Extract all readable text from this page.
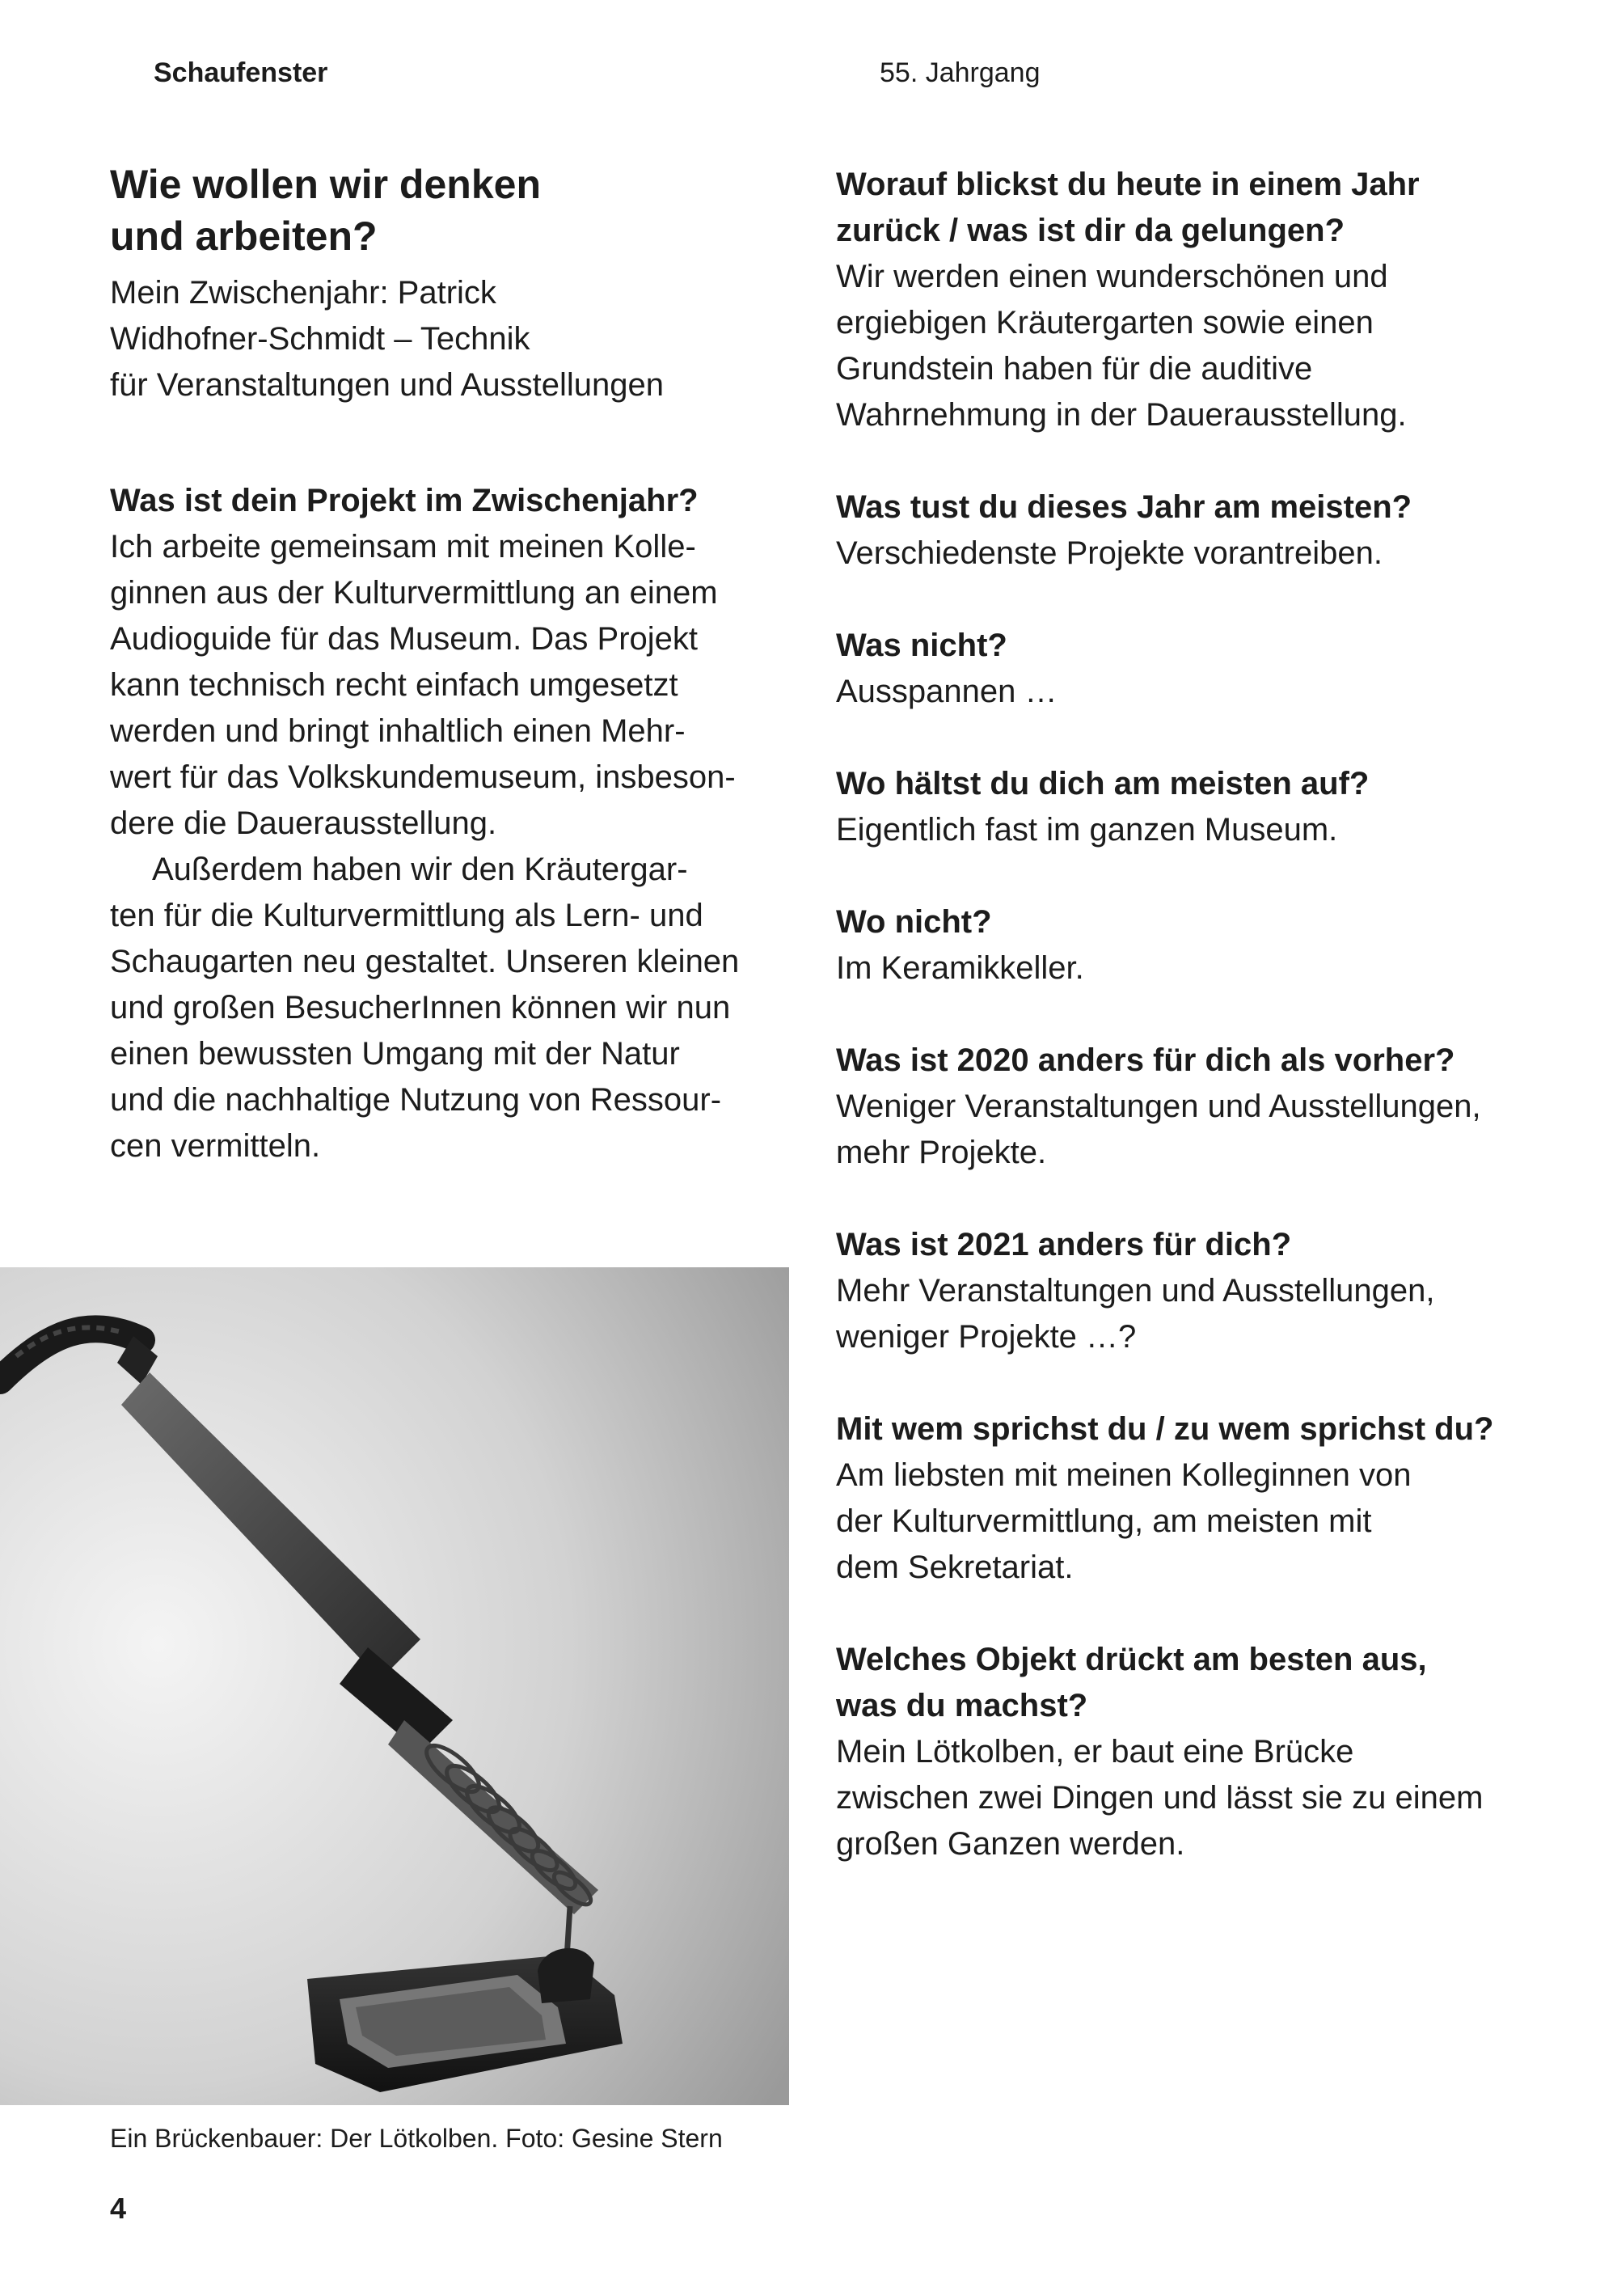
Schaufenster	55. Jahrgang
Wie wollen wir denken
und arbeiten?
Mein Zwischenjahr: Patrick
Widhofner-Schmidt – Technik
für Veranstaltungen und Ausstellungen
Was ist dein Projekt im Zwischenjahr?
Ich arbeite gemeinsam mit meinen Kolle-
ginnen aus der Kulturvermittlung an einem
Audioguide für das Museum. Das Projekt
kann technisch recht einfach umgesetzt
werden und bringt inhaltlich einen Mehr-
wert für das Volkskundemuseum, insbeson-
dere die Dauerausstellung.
Außerdem haben wir den Kräutergar-
ten für die Kulturvermittlung als Lern- und
Schaugarten neu gestaltet. Unseren kleinen
und großen BesucherInnen können wir nun
einen bewussten Umgang mit der Natur
und die nachhaltige Nutzung von Ressour-
cen vermitteln.
Worauf blickst du heute in einem Jahr
zurück / was ist dir da gelungen?
Wir werden einen wunderschönen und
ergiebigen Kräutergarten sowie einen
Grundstein haben für die auditive
Wahrnehmung in der Dauerausstellung.
Was tust du dieses Jahr am meisten?
Verschiedenste Projekte vorantreiben.
Was nicht?
Ausspannen …
Wo hältst du dich am meisten auf?
Eigentlich fast im ganzen Museum.
Wo nicht?
Im Keramikkeller.
Was ist 2020 anders für dich als vorher?
Weniger Veranstaltungen und Ausstellungen,
mehr Projekte.
Was ist 2021 anders für dich?
Mehr Veranstaltungen und Ausstellungen,
weniger Projekte …?
Mit wem sprichst du / zu wem sprichst du?
Am liebsten mit meinen Kolleginnen von
der Kulturvermittlung, am meisten mit
dem Sekretariat.
Welches Objekt drückt am besten aus,
was du machst?
Mein Lötkolben, er baut eine Brücke
zwischen zwei Dingen und lässt sie zu einem
großen Ganzen werden.
Ein Brückenbauer: Der Lötkolben. Foto: Gesine Stern
4
